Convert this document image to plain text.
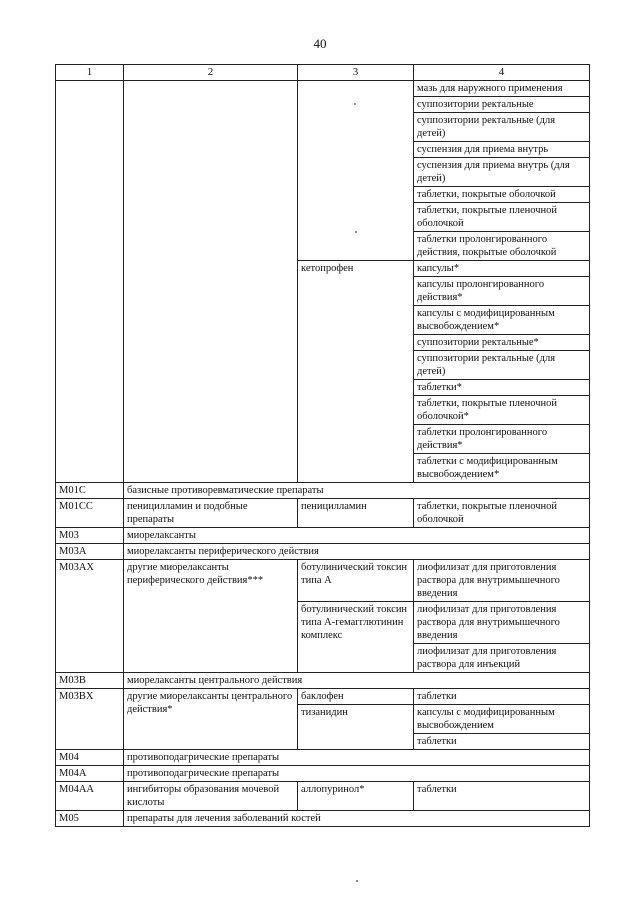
40
1	2	3	4
			мазь для наружного применения
			суппозитории ректальные
			суппозитории ректальные (для детей)
			суспензия для приема внутрь
			суспензия для приема внутрь (для детей)
			таблетки, покрытые оболочкой
			таблетки, покрытые пленочной оболочкой
			таблетки пролонгированного действия, покрытые оболочкой
		кетопрофен	капсулы*
			капсулы пролонгированного действия*
			капсулы с модифицированным высвобождением*
			суппозитории ректальные*
			суппозитории ректальные (для детей)
			таблетки*
			таблетки, покрытые пленочной оболочкой*
			таблетки пролонгированного действия*
			таблетки с модифицированным высвобождением*
M01C	базисные противоревматические препараты		
M01CC	пеницилламин и подобные препараты	пеницилламин	таблетки, покрытые пленочной оболочкой
M03	миорелаксанты		
M03A	миорелаксанты периферического действия		
M03AX	другие миорелаксанты периферического действия***	ботулинический токсин типа А	лиофилизат для приготовления раствора для внутримышечного введения
		ботулинический токсин типа А-гемагглютинин комплекс	лиофилизат для приготовления раствора для внутримышечного введения
			лиофилизат для приготовления раствора для инъекций
M03B	миорелаксанты центрального действия		
M03BX	другие миорелаксанты центрального действия*	баклофен	таблетки
		тизанидин	капсулы с модифицированным высвобождением
			таблетки
M04	противоподагрические препараты		
M04A	противоподагрические препараты		
M04AA	ингибиторы образования мочевой кислоты	аллопуринол*	таблетки
M05	препараты для лечения заболеваний костей		
